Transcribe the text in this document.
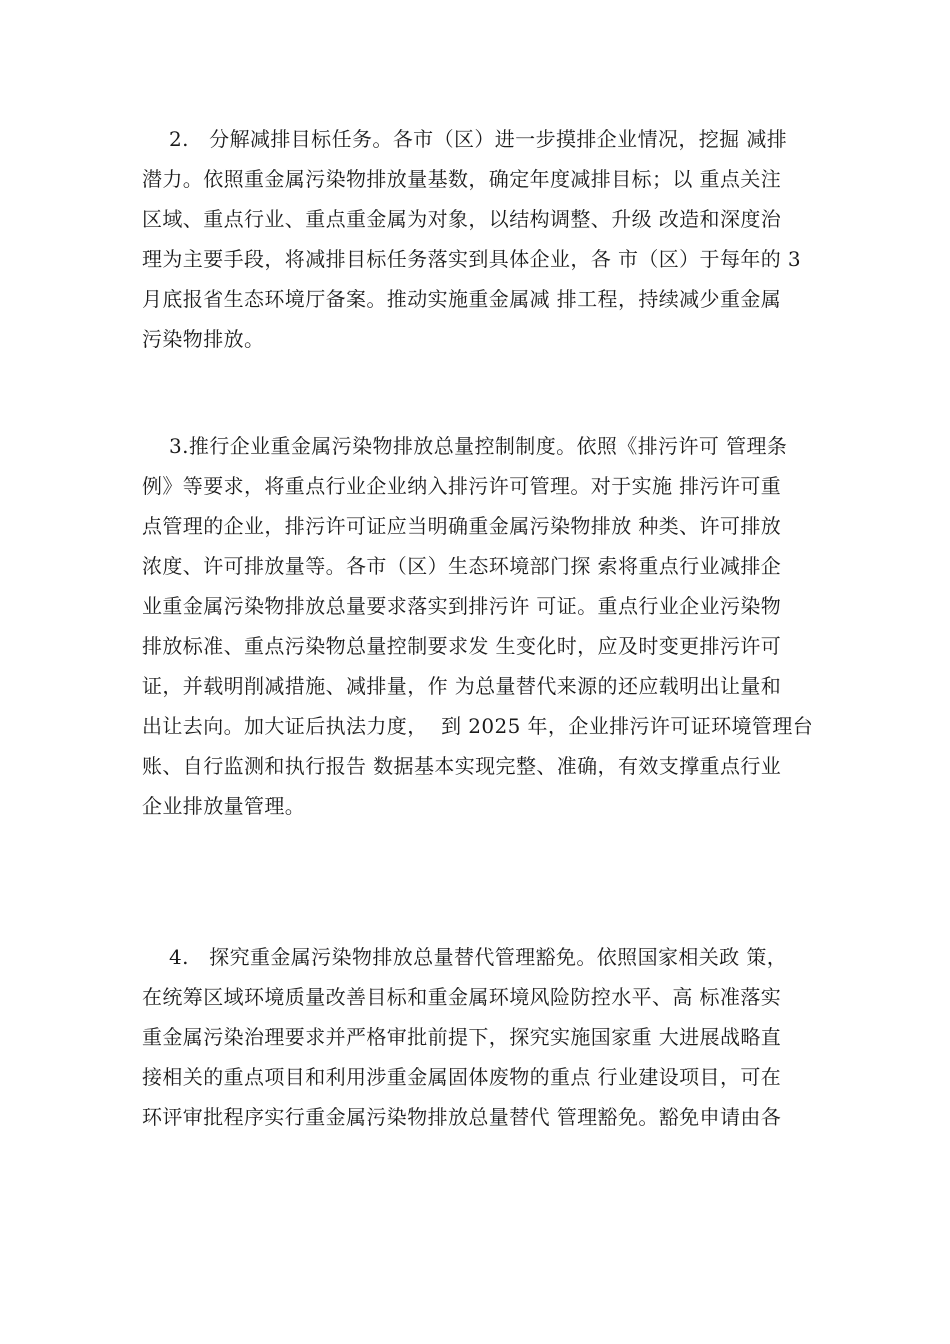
2.   分解减排目标任务。各市（区）进一步摸排企业情况，挖掘 减排
潜力。依照重金属污染物排放量基数，确定年度减排目标；以 重点关注
区域、重点行业、重点重金属为对象，以结构调整、升级 改造和深度治
理为主要手段，将减排目标任务落实到具体企业，各 市（区）于每年的 3
月底报省生态环境厅备案。推动实施重金属减 排工程，持续减少重金属
污染物排放。
3.推行企业重金属污染物排放总量控制制度。依照《排污许可 管理条
例》等要求，将重点行业企业纳入排污许可管理。对于实施 排污许可重
点管理的企业，排污许可证应当明确重金属污染物排放 种类、许可排放
浓度、许可排放量等。各市（区）生态环境部门探 索将重点行业减排企
业重金属污染物排放总量要求落实到排污许 可证。重点行业企业污染物
排放标准、重点污染物总量控制要求发 生变化时，应及时变更排污许可
证，并载明削减措施、减排量，作 为总量替代来源的还应载明出让量和
出让去向。加大证后执法力度，  到 2025 年，企业排污许可证环境管理台
账、自行监测和执行报告 数据基本实现完整、准确，有效支撑重点行业
企业排放量管理。
4.   探究重金属污染物排放总量替代管理豁免。依照国家相关政 策，
在统筹区域环境质量改善目标和重金属环境风险防控水平、高 标准落实
重金属污染治理要求并严格审批前提下，探究实施国家重 大进展战略直
接相关的重点项目和利用涉重金属固体废物的重点 行业建设项目，可在
环评审批程序实行重金属污染物排放总量替代 管理豁免。豁免申请由各
